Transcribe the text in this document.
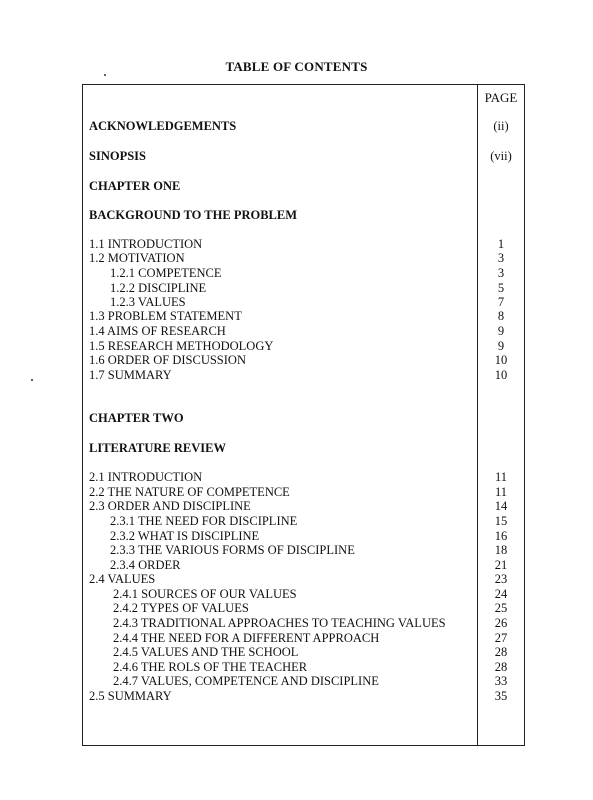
TABLE OF CONTENTS
PAGE
ACKNOWLEDGEMENTS	(ii)
SINOPSIS	(vii)
CHAPTER ONE
BACKGROUND TO THE PROBLEM
1.1 INTRODUCTION	1
1.2 MOTIVATION	3
1.2.1 COMPETENCE	3
1.2.2 DISCIPLINE	5
1.2.3 VALUES	7
1.3 PROBLEM STATEMENT	8
1.4 AIMS OF RESEARCH	9
1.5 RESEARCH METHODOLOGY	9
1.6 ORDER OF DISCUSSION	10
1.7 SUMMARY	10
CHAPTER TWO
LITERATURE REVIEW
2.1 INTRODUCTION	11
2.2 THE NATURE OF COMPETENCE	11
2.3 ORDER AND DISCIPLINE	14
2.3.1 THE NEED FOR DISCIPLINE	15
2.3.2 WHAT IS DISCIPLINE	16
2.3.3 THE VARIOUS FORMS OF DISCIPLINE	18
2.3.4 ORDER	21
2.4 VALUES	23
2.4.1 SOURCES OF OUR VALUES	24
2.4.2 TYPES OF VALUES	25
2.4.3 TRADITIONAL APPROACHES TO TEACHING VALUES	26
2.4.4 THE NEED FOR A DIFFERENT APPROACH	27
2.4.5 VALUES AND THE SCHOOL	28
2.4.6 THE ROLS OF THE TEACHER	28
2.4.7 VALUES, COMPETENCE AND DISCIPLINE	33
2.5 SUMMARY	35
